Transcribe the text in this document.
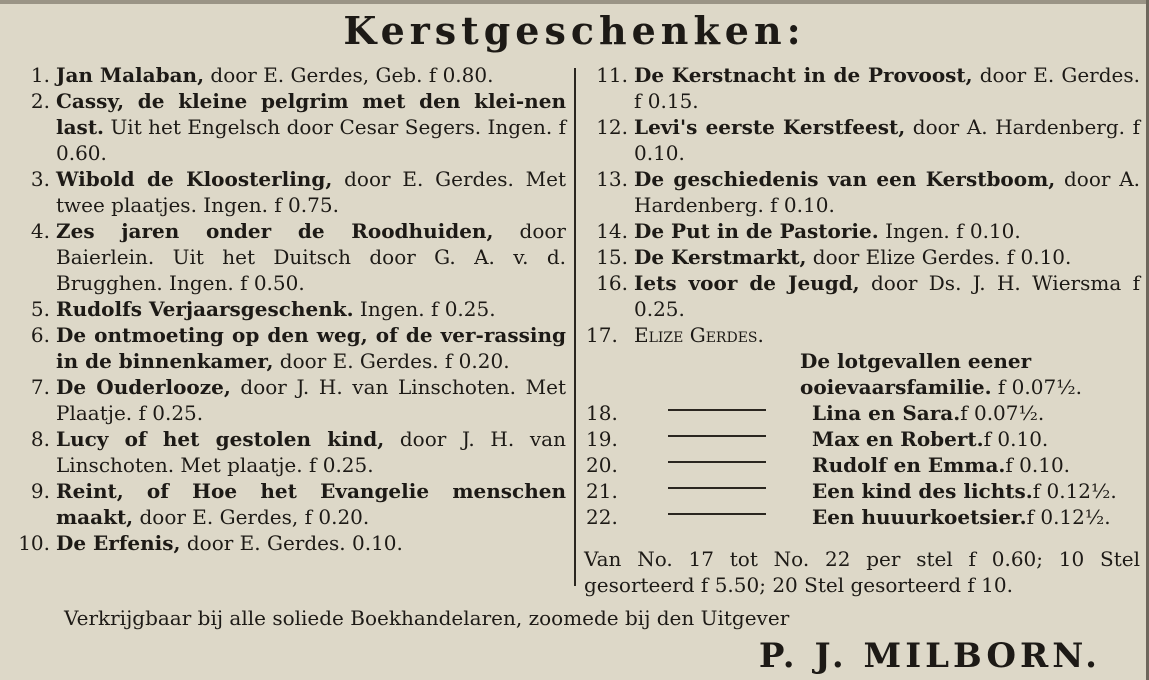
Kerstgeschenken:
1. Jan Malaban, door E. Gerdes, Geb. f 0.80.
2. Cassy, de kleine pelgrim met den klei-nen last. Uit het Engelsch door Cesar Segers. Ingen. f 0.60.
3. Wibold de Kloosterling, door E. Gerdes. Met twee plaatjes. Ingen. f 0.75.
4. Zes jaren onder de Roodhuiden, door Baierlein. Uit het Duitsch door G. A. v. d. Brugghen. Ingen. f 0.50.
5. Rudolfs Verjaarsgeschenk. Ingen. f 0.25.
6. De ontmoeting op den weg, of de ver-rassing in de binnenkamer, door E. Gerdes. f 0.20.
7. De Ouderlooze, door J. H. van Linschoten. Met Plaatje. f 0.25.
8. Lucy of het gestolen kind, door J. H. van Linschoten. Met plaatje. f 0.25.
9. Reint, of Hoe het Evangelie menschen maakt, door E. Gerdes, f 0.20.
10. De Erfenis, door E. Gerdes. 0.10.
11. De Kerstnacht in de Provoost, door E. Gerdes. f 0.15.
12. Levi's eerste Kerstfeest, door A. Hardenberg. f 0.10.
13. De geschiedenis van een Kerstboom, door A. Hardenberg. f 0.10.
14. De Put in de Pastorie. Ingen. f 0.10.
15. De Kerstmarkt, door Elize Gerdes. f 0.10.
16. Iets voor de Jeugd, door Ds. J. H. Wiersma f 0.25.
17. Elize Gerdes.
De lotgevallen eener ooievaarsfamilie. f 0.07½.
18.	Lina en Sara. f 0.07½.
19.	Max en Robert. f 0.10.
20.	Rudolf en Emma. f 0.10.
21.	Een kind des lichts. f 0.12½.
22.	Een huuurkoetsier. f 0.12½.
Van No. 17 tot No. 22 per stel f 0.60; 10 Stel gesorteerd f 5.50; 20 Stel gesorteerd f 10.
Verkrijgbaar bij alle soliede Boekhandelaren, zoomede bij den Uitgever
P. J. MILBORN.
